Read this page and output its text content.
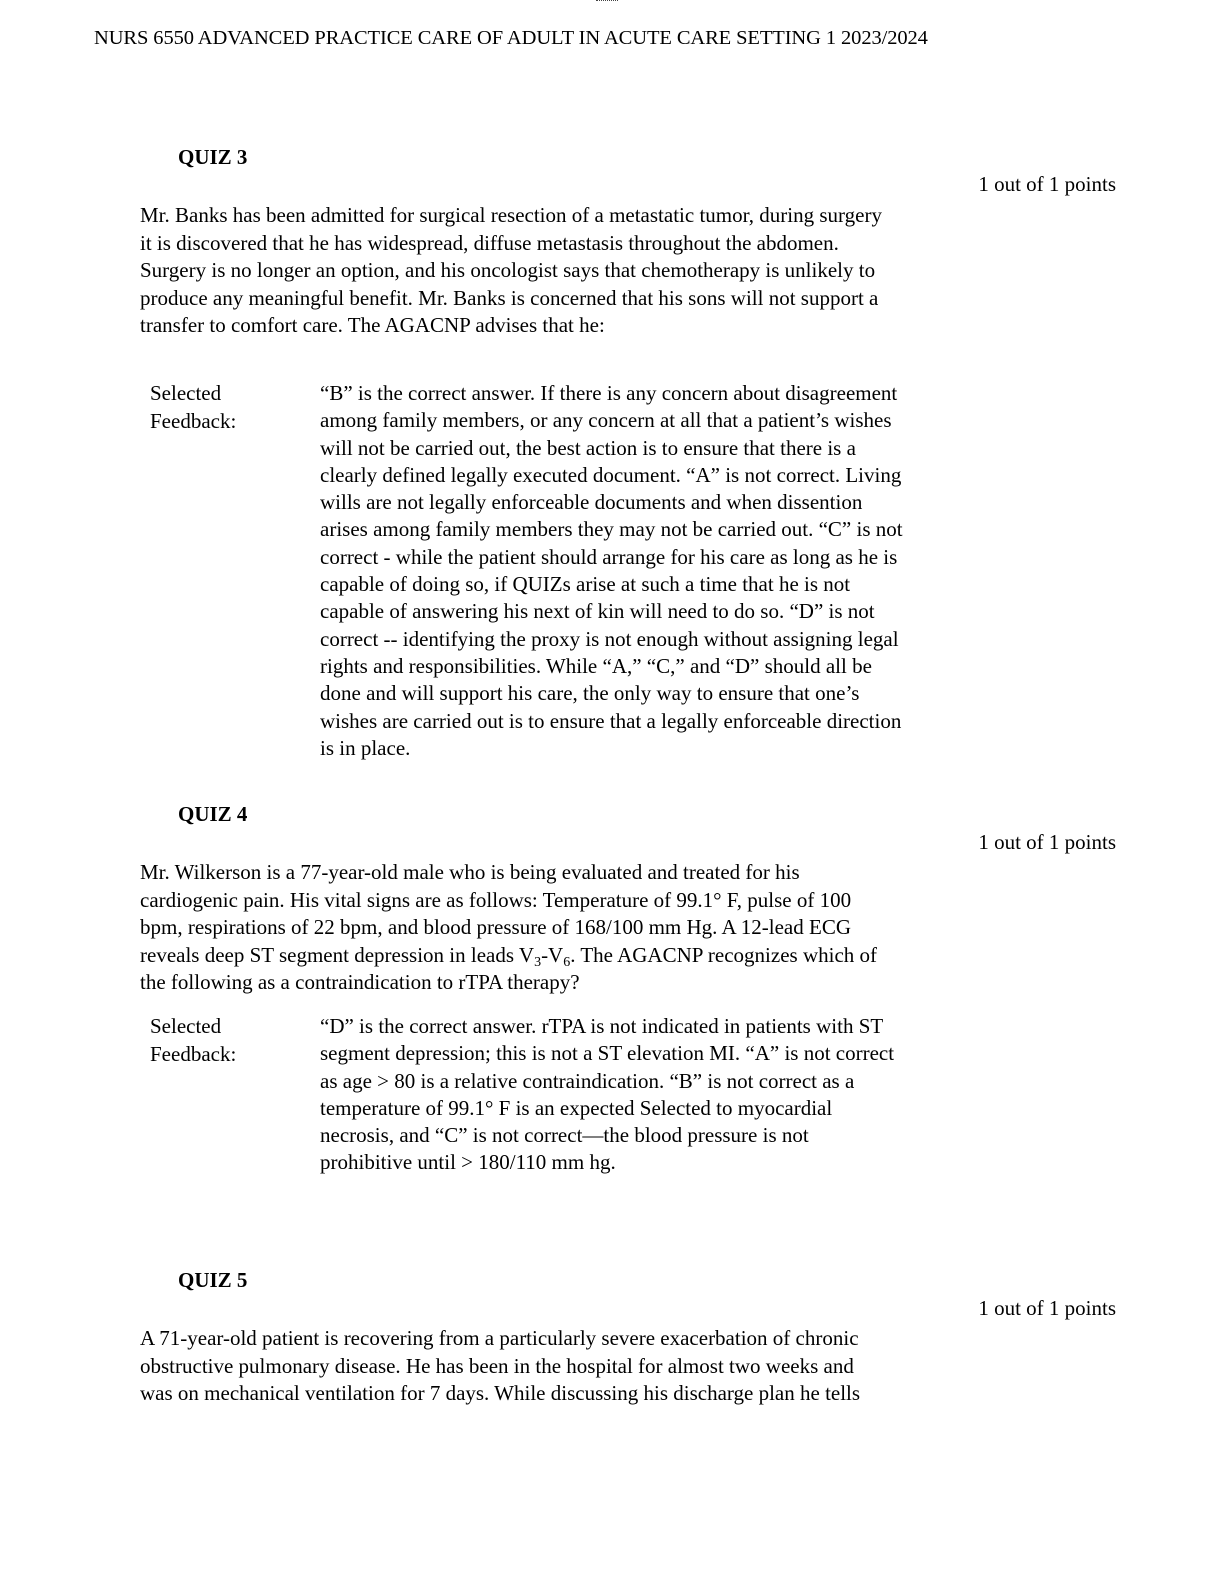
NURS 6550 ADVANCED PRACTICE CARE OF ADULT IN ACUTE CARE SETTING 1 2023/2024
QUIZ 3
1 out of 1 points
Mr. Banks has been admitted for surgical resection of a metastatic tumor, during surgery
it is discovered that he has widespread, diffuse metastasis throughout the abdomen.
Surgery is no longer an option, and his oncologist says that chemotherapy is unlikely to
produce any meaningful benefit. Mr. Banks is concerned that his sons will not support a
transfer to comfort care. The AGACNP advises that he:
Selected
Feedback:
“B” is the correct answer. If there is any concern about disagreement
among family members, or any concern at all that a patient’s wishes
will not be carried out, the best action is to ensure that there is a
clearly defined legally executed document. “A” is not correct. Living
wills are not legally enforceable documents and when dissention
arises among family members they may not be carried out. “C” is not
correct - while the patient should arrange for his care as long as he is
capable of doing so, if QUIZs arise at such a time that he is not
capable of answering his next of kin will need to do so. “D” is not
correct -- identifying the proxy is not enough without assigning legal
rights and responsibilities. While “A,” “C,” and “D” should all be
done and will support his care, the only way to ensure that one’s
wishes are carried out is to ensure that a legally enforceable direction
is in place.
QUIZ 4
1 out of 1 points
Mr. Wilkerson is a 77-year-old male who is being evaluated and treated for his
cardiogenic pain. His vital signs are as follows: Temperature of 99.1° F, pulse of 100
bpm, respirations of 22 bpm, and blood pressure of 168/100 mm Hg. A 12-lead ECG
reveals deep ST segment depression in leads $V_3-V_6$. The AGACNP recognizes which of
the following as a contraindication to rTPA therapy?
Selected
Feedback:
“D” is the correct answer. rTPA is not indicated in patients with ST
segment depression; this is not a ST elevation MI. “A” is not correct
as age > 80 is a relative contraindication. “B” is not correct as a
temperature of 99.1° F is an expected Selected to myocardial
necrosis, and “C” is not correct—the blood pressure is not
prohibitive until > 180/110 mm hg.
QUIZ 5
1 out of 1 points
A 71-year-old patient is recovering from a particularly severe exacerbation of chronic
obstructive pulmonary disease. He has been in the hospital for almost two weeks and
was on mechanical ventilation for 7 days. While discussing his discharge plan he tells
